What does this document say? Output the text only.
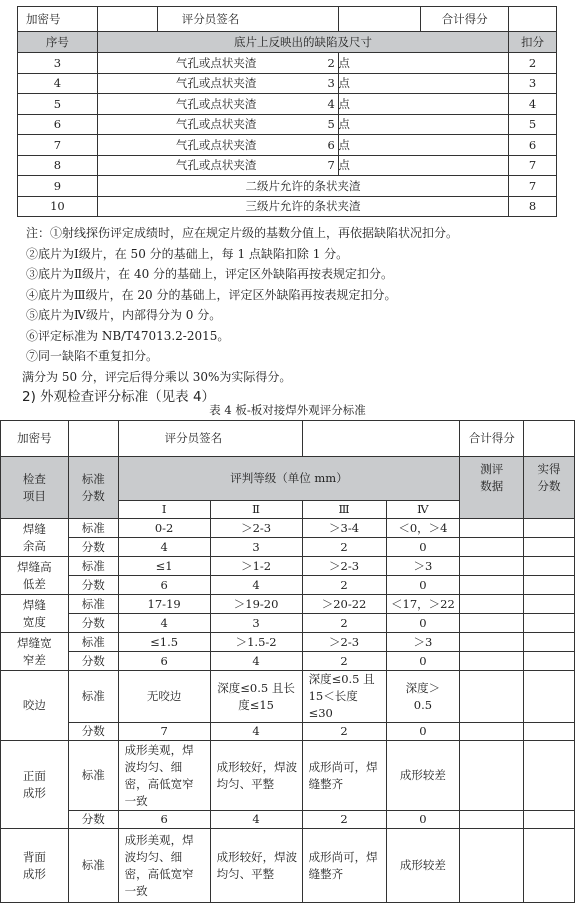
加密号		评分员签名		合计得分	
序号	底片上反映出的缺陷及尺寸				扣分
3	气孔或点状夹渣		2 点		2
4	气孔或点状夹渣		3 点		3
5	气孔或点状夹渣		4 点		4
6	气孔或点状夹渣		5 点		5
7	气孔或点状夹渣		6 点		6
8	气孔或点状夹渣		7 点		7
9	二级片允许的条状夹渣				7
10	三级片允许的条状夹渣				8
注：①射线探伤评定成绩时，应在规定片级的基数分值上，再依据缺陷状况扣分。
②底片为Ⅰ级片，在 50 分的基础上，每 1 点缺陷扣除 1 分。
③底片为Ⅱ级片，在 40 分的基础上，评定区外缺陷再按表规定扣分。
④底片为Ⅲ级片，在 20 分的基础上，评定区外缺陷再按表规定扣分。
⑤底片为Ⅳ级片，内部得分为 0 分。
⑥评定标准为 NB/T47013.2-2015。
⑦同一缺陷不重复扣分。
满分为 50 分，评完后得分乘以 30%为实际得分。
2) 外观检查评分标准（见表 4）
表 4 板-板对接焊外观评分标准
加密号		评分员签名				合计得分	
检查项目	标准分数	评判等级（单位 mm）				测评数据	实得分数
		Ⅰ	Ⅱ	Ⅲ	Ⅳ		
焊缝余高	标准	0-2	＞2-3	＞3-4	＜0，＞4		
	分数	4	3	2	0		
焊缝高低差	标准	≤1	＞1-2	＞2-3	＞3		
	分数	6	4	2	0		
焊缝宽度	标准	17-19	＞19-20	＞20-22	＜17，＞22		
	分数	4	3	2	0		
焊缝宽窄差	标准	≤1.5	＞1.5-2	＞2-3	＞3		
	分数	6	4	2	0		
咬边	标准	无咬边	深度≤0.5 且长度≤15	深度≤0.5 且 15＜长度≤30	深度＞0.5		
	分数	7	4	2	0		
正面成形	标准	成形美观，焊波均匀、细密，高低宽窄一致	成形较好，焊波均匀、平整	成形尚可，焊缝整齐	成形较差		
	分数	6	4	2	0		
背面成形	标准	成形美观，焊波均匀、细密，高低宽窄一致	成形较好，焊波均匀、平整	成形尚可，焊缝整齐	成形较差		
